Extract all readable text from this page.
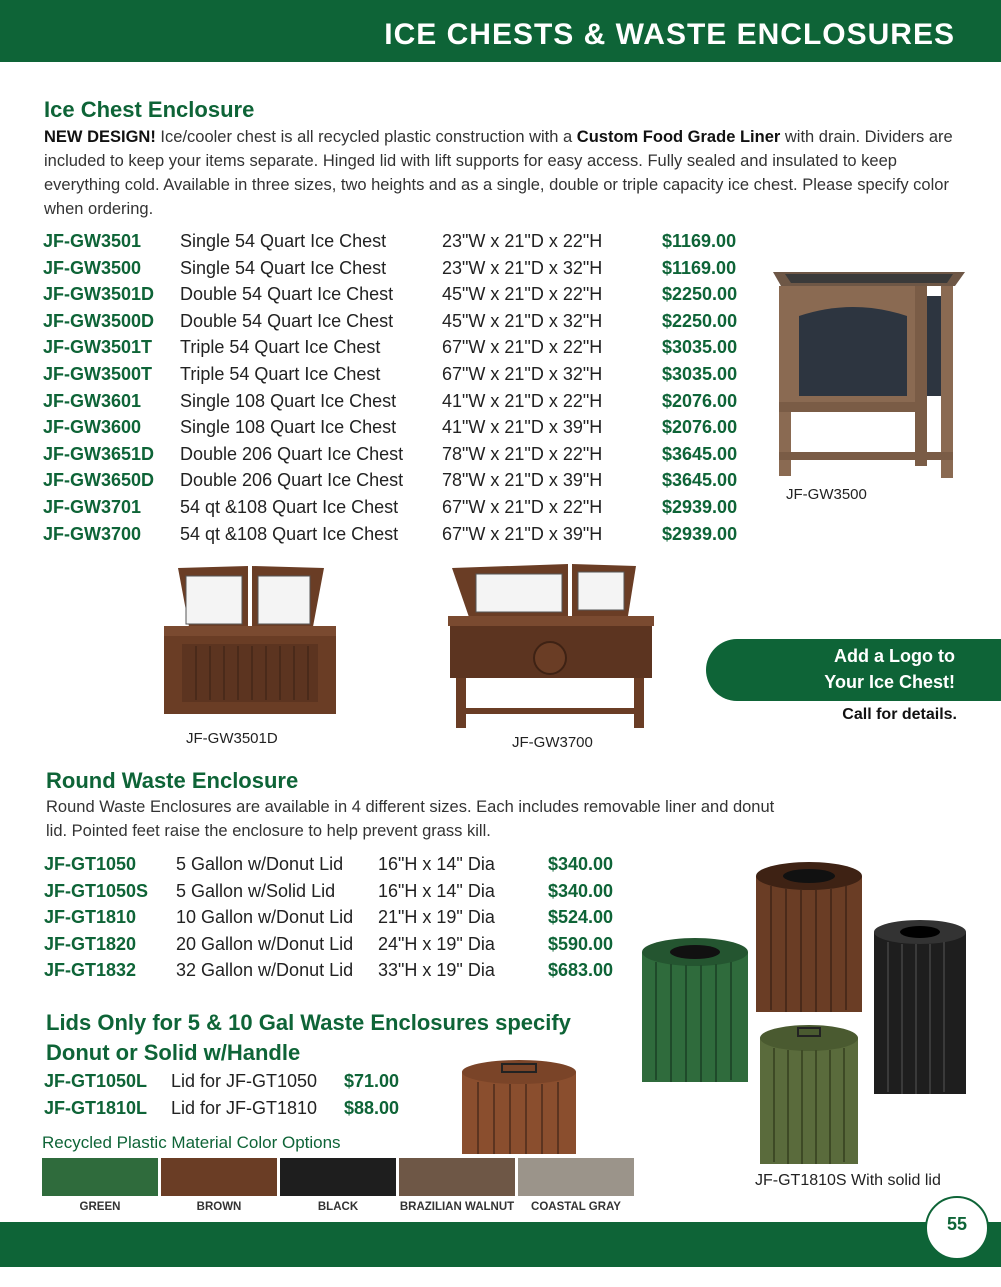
ICE CHESTS & WASTE ENCLOSURES
Ice Chest Enclosure
NEW DESIGN! Ice/cooler chest is all recycled plastic construction with a Custom Food Grade Liner with drain. Dividers are included to keep your items separate. Hinged lid with lift supports for easy access. Fully sealed and insulated to keep everything cold. Available in three sizes, two heights and as a single, double or triple capacity ice chest. Please specify color when ordering.
JF-GW3501 Single 54 Quart Ice Chest	23"W x 21"D x 22"H	$1169.00
JF-GW3500 Single 54 Quart Ice Chest	23"W x 21"D x 32"H	$1169.00
JF-GW3501D Double 54 Quart Ice Chest	45"W x 21"D x 22"H	$2250.00
JF-GW3500D Double 54 Quart Ice Chest	45"W x 21"D x 32"H	$2250.00
JF-GW3501T Triple 54 Quart Ice Chest	67"W x 21"D x 22"H	$3035.00
JF-GW3500T Triple 54 Quart Ice Chest	67"W x 21"D x 32"H	$3035.00
JF-GW3601 Single 108 Quart Ice Chest	41"W x 21"D x 22"H	$2076.00
JF-GW3600 Single 108 Quart Ice Chest	41"W x 21"D x 39"H	$2076.00
JF-GW3651D Double 206 Quart Ice Chest 78"W x 21"D x 22"H	$3645.00
JF-GW3650D Double 206 Quart Ice Chest 78"W x 21"D x 39"H	$3645.00
JF-GW3701 54 qt &108 Quart Ice Chest 67"W x 21"D x 22"H	$2939.00
JF-GW3700 54 qt &108 Quart Ice Chest 67"W x 21"D x 39"H	$2939.00
JF-GW3500
JF-GW3501D	JF-GW3700
Add a Logo to
Your Ice Chest!
Call for details.
Round Waste Enclosure
Round Waste Enclosures are available in 4 different sizes. Each includes removable liner and donut lid. Pointed feet raise the enclosure to help prevent grass kill.
JF-GT1050 5 Gallon w/Donut Lid 16"H x 14" Dia	$340.00
JF-GT1050S 5 Gallon w/Solid Lid 16"H x 14" Dia	$340.00
JF-GT1810 10 Gallon w/Donut Lid 21"H x 19" Dia	$524.00
JF-GT1820 20 Gallon w/Donut Lid 24"H x 19" Dia	$590.00
JF-GT1832 32 Gallon w/Donut Lid 33"H x 19" Dia	$683.00
JF-GT1810S With solid lid
Lids Only for 5 & 10 Gal Waste Enclosures specify
Donut or Solid w/Handle
JF-GT1050L Lid for JF-GT1050 $71.00
JF-GT1810L Lid for JF-GT1810 $88.00
Recycled Plastic Material Color Options
GREEN	BROWN	BLACK	BRAZILIAN WALNUT	COASTAL GRAY
55
